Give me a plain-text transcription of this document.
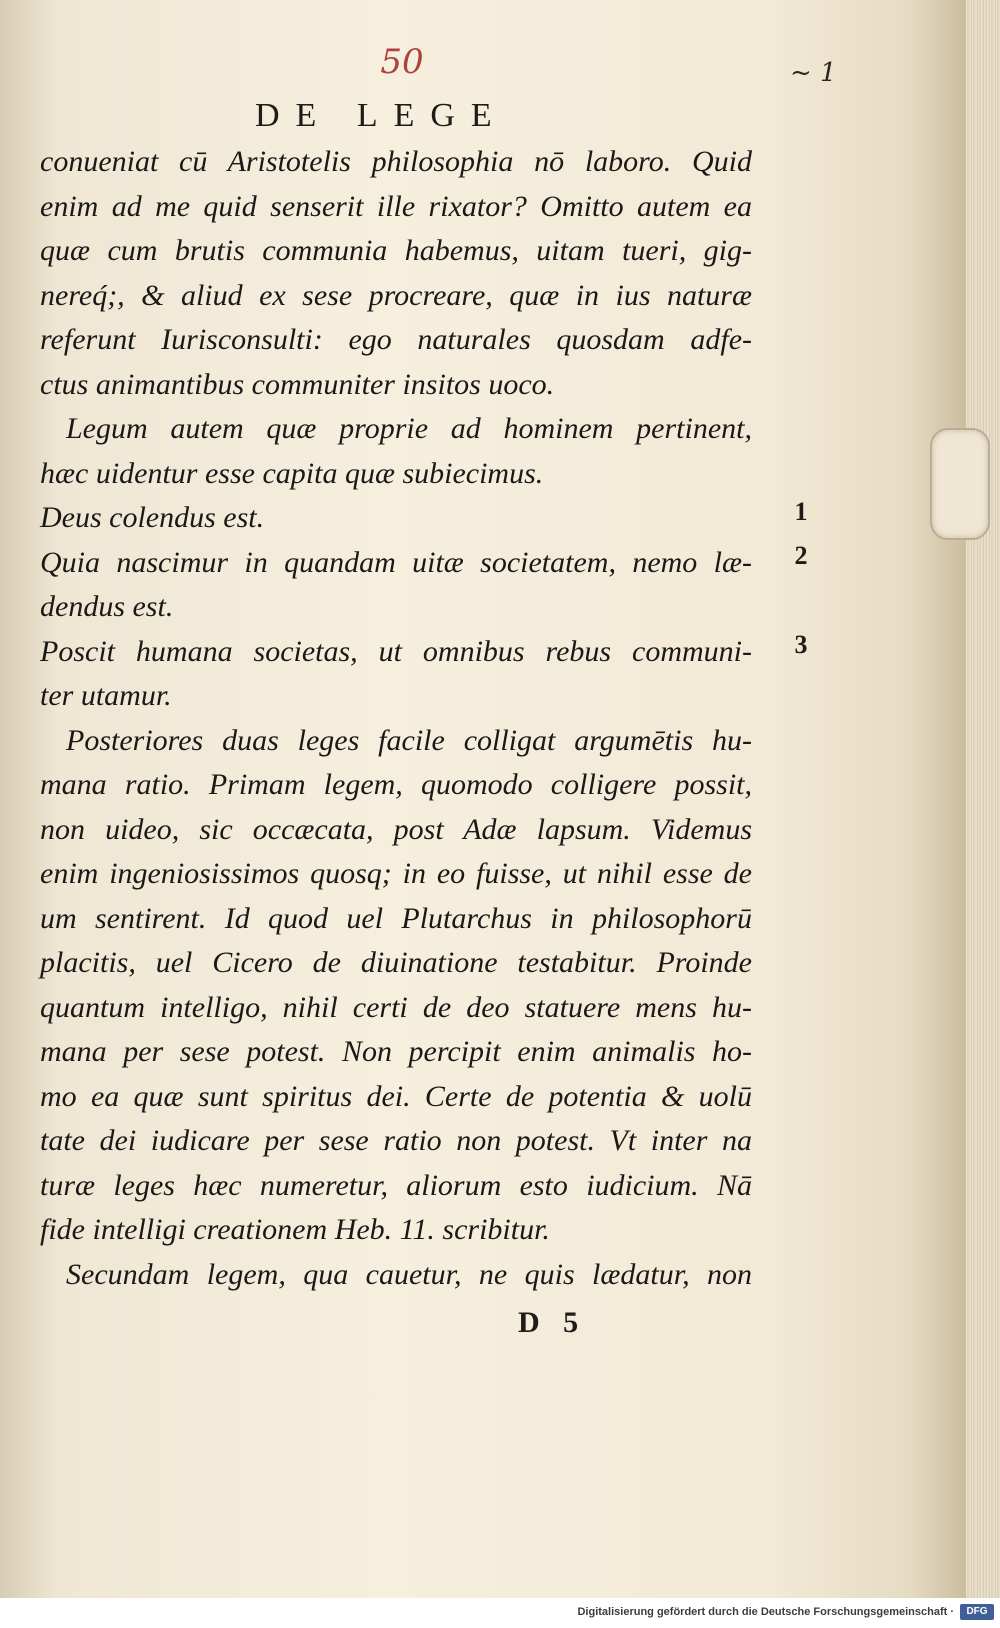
50	~ 1
DE LEGE
conueniat cū Aristotelis philosophia nō laboro. Quid
enim ad me quid senserit ille rixator? Omitto autem ea
quæ cum brutis communia habemus, uitam tueri, gig-
nereq́;, & aliud ex sese procreare, quæ in ius naturæ
referunt Iurisconsulti: ego naturales quosdam adfe-
ctus animantibus communiter insitos uoco.
Legum autem quæ proprie ad hominem pertinent,
hæc uidentur esse capita quæ subiecimus.
Deus colendus est.
Quia nascimur in quandam uitæ societatem, nemo læ-
dendus est.
Poscit humana societas, ut omnibus rebus communi-
ter utamur.
Posteriores duas leges facile colligat argumētis hu-
mana ratio. Primam legem, quomodo colligere possit,
non uideo, sic occæcata, post Adæ lapsum. Videmus
enim ingeniosissimos quosq; in eo fuisse, ut nihil esse de
um sentirent. Id quod uel Plutarchus in philosophorū
placitis, uel Cicero de diuinatione testabitur. Proinde
quantum intelligo, nihil certi de deo statuere mens hu-
mana per sese potest. Non percipit enim animalis ho-
mo ea quæ sunt spiritus dei. Certe de potentia & uolū
tate dei iudicare per sese ratio non potest. Vt inter na
turæ leges hæc numeretur, aliorum esto iudicium. Nā
fide intelligi creationem Heb. 11. scribitur.
Secundam legem, qua cauetur, ne quis lædatur, non
1
2
3
D 5
Digitalisierung gefördert durch die Deutsche Forschungsgemeinschaft ·	DFG
